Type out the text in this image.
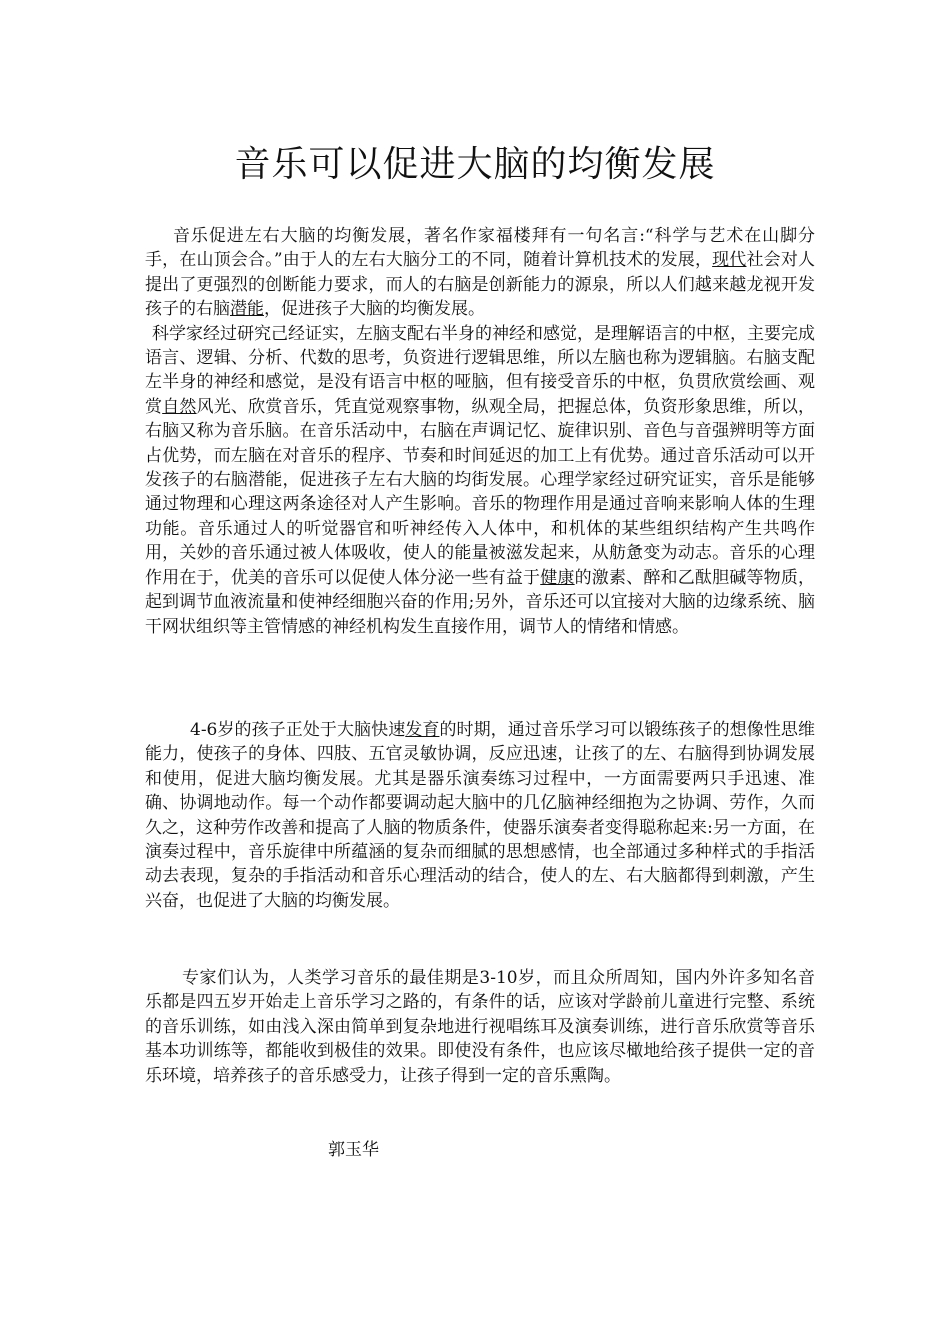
音乐可以促进大脑的均衡发展

音乐促进左右大脑的均衡发展，著名作家福楼拜有一句名言:“科学与艺术在山脚分手，在山顶会合。”由于人的左右大脑分工的不同，随着计算机技术的发展，现代社会对人提出了更强烈的创断能力要求，而人的右脑是创新能力的源泉，所以人们越来越龙视开发孩子的右脑潜能，促进孩子大脑的均衡发展。
科学家经过研究己经证实，左脑支配右半身的神经和感觉，是理解语言的中枢，主要完成语言、逻辑、分析、代数的思考，负资进行逻辑思维，所以左脑也称为逻辑脑。右脑支配左半身的神经和感觉，是没有语言中枢的哑脑，但有接受音乐的中枢，负贯欣赏绘画、观赏自然风光、欣赏音乐，凭直觉观察事物，纵观全局，把握总体，负资形象思维，所以，右脑又称为音乐脑。在音乐活动中，右脑在声调记忆、旋律识别、音色与音强辨明等方面占优势，而左脑在对音乐的程序、节奏和时间延迟的加工上有优势。通过音乐活动可以开发孩子的右脑潜能，促进孩子左右大脑的均街发展。心理学家经过研究证实，音乐是能够通过物理和心理这两条途径对人产生影响。音乐的物理作用是通过音响来影响人体的生理功能。音乐通过人的听觉器官和听神经传入人体中，和机体的某些组织结构产生共鸣作用，关妙的音乐通过被人体吸收，使人的能量被滋发起来，从舫惫变为动志。音乐的心理作用在于，优美的音乐可以促使人体分泌一些有益于健康的激素、醉和乙酞胆碱等物质，起到调节血液流量和使神经细胞兴奋的作用;另外，音乐还可以宜接对大脑的边缘系统、脑干网状组织等主管情感的神经机构发生直接作用，调节人的情绪和情感。

4-6岁的孩子正处于大脑快速发育的时期，通过音乐学习可以锻练孩子的想像性思维能力，使孩子的身体、四肢、五官灵敏协调，反应迅速，让孩了的左、右脑得到协调发展和使用，促进大脑均衡发展。尤其是器乐演奏练习过程中，一方面需要两只手迅速、准确、协调地动作。每一个动作都要调动起大脑中的几亿脑神经细抱为之协调、劳作，久而久之，这种劳作改善和提高了人脑的物质条件，使器乐演奏者变得聪称起来:另一方面，在演奏过程中，音乐旋律中所蕴涵的复杂而细腻的思想感情，也全部通过多种样式的手指活动去表现，复杂的手指活动和音乐心理活动的结合，使人的左、右大脑都得到刺激，产生兴奋，也促进了大脑的均衡发展。

专家们认为，人类学习音乐的最佳期是3-10岁，而且众所周知，国内外许多知名音乐都是四五岁开始走上音乐学习之路的，有条件的话，应该对学龄前儿童进行完整、系统的音乐训练，如由浅入深由简单到复杂地进行视唱练耳及演奏训练，进行音乐欣赏等音乐基本功训练等，都能收到极佳的效果。即使没有条件，也应该尽橄地给孩子提供一定的音乐环境，培养孩子的音乐感受力，让孩子得到一定的音乐熏陶。

郭玉华
